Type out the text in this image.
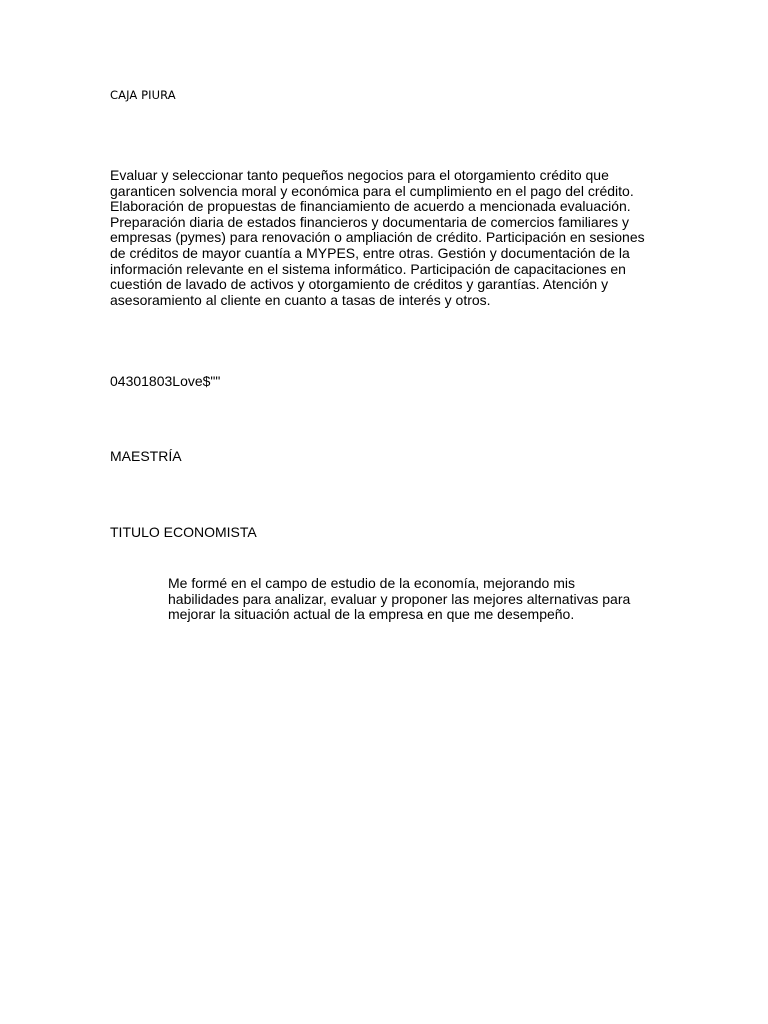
CAJA PIURA

Evaluar y seleccionar tanto pequeños negocios para el otorgamiento crédito que garanticen solvencia moral y económica para el cumplimiento en el pago del crédito. Elaboración de propuestas de financiamiento de acuerdo a mencionada evaluación. Preparación diaria de estados financieros y documentaria de comercios familiares y empresas (pymes) para renovación o ampliación de crédito. Participación en sesiones de créditos de mayor cuantía a MYPES, entre otras. Gestión y documentación de la información relevante en el sistema informático. Participación de capacitaciones en cuestión de lavado de activos y otorgamiento de créditos y garantías. Atención y asesoramiento al cliente en cuanto a tasas de interés y otros.

04301803Love$""

MAESTRÍA

TITULO ECONOMISTA

Me formé en el campo de estudio de la economía, mejorando mis habilidades para analizar, evaluar y proponer las mejores alternativas para mejorar la situación actual de la empresa en que me desempeño.
